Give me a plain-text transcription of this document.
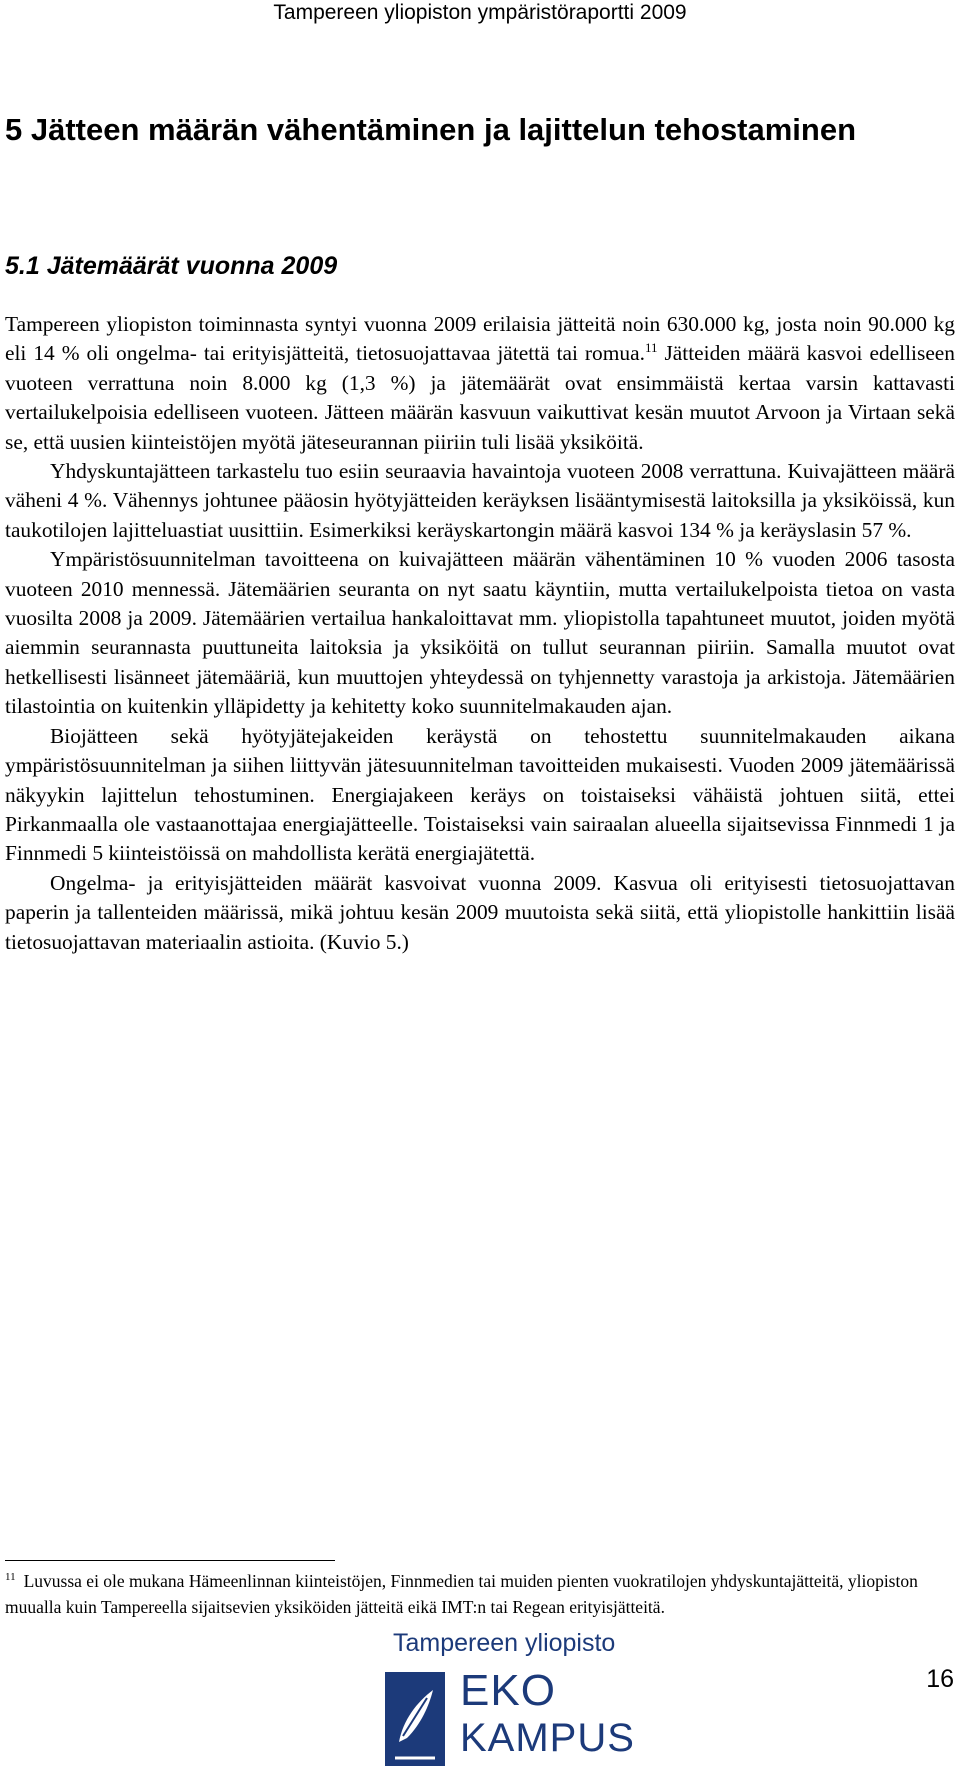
Tampereen yliopiston ympäristöraportti 2009
5 Jätteen määrän vähentäminen ja lajittelun tehostaminen
5.1 Jätemäärät vuonna 2009

Tampereen yliopiston toiminnasta syntyi vuonna 2009 erilaisia jätteitä noin 630.000 kg, josta noin 90.000 kg eli 14 % oli ongelma- tai erityisjätteitä, tietosuojattavaa jätettä tai romua.$^{11}$ Jätteiden määrä kasvoi edelliseen vuoteen verrattuna noin 8.000 kg (1,3 %) ja jätemäärät ovat ensimmäistä kertaa varsin kattavasti vertailukelpoisia edelliseen vuoteen. Jätteen määrän kasvuun vaikuttivat kesän muutot Arvoon ja Virtaan sekä se, että uusien kiinteistöjen myötä jäteseurannan piiriin tuli lisää yksiköitä.

Yhdyskuntajätteen tarkastelu tuo esiin seuraavia havaintoja vuoteen 2008 verrattuna. Kuivajätteen määrä väheni 4 %. Vähennys johtunee pääosin hyötyjätteiden keräyksen lisääntymisestä laitoksilla ja yksiköissä, kun taukotilojen lajitteluastiat uusittiin. Esimerkiksi keräyskartongin määrä kasvoi 134 % ja keräyslasin 57 %.

Ympäristösuunnitelman tavoitteena on kuivajätteen määrän vähentäminen 10 % vuoden 2006 tasosta vuoteen 2010 mennessä. Jätemäärien seuranta on nyt saatu käyntiin, mutta vertailukelpoista tietoa on vasta vuosilta 2008 ja 2009. Jätemäärien vertailua hankaloittavat mm. yliopistolla tapahtuneet muutot, joiden myötä aiemmin seurannasta puuttuneita laitoksia ja yksiköitä on tullut seurannan piiriin. Samalla muutot ovat hetkellisesti lisänneet jätemääriä, kun muuttojen yhteydessä on tyhjennetty varastoja ja arkistoja. Jätemäärien tilastointia on kuitenkin ylläpidetty ja kehitetty koko suunnitelmakauden ajan.

Biojätteen sekä hyötyjätejakeiden keräystä on tehostettu suunnitelmakauden aikana ympäristösuunnitelman ja siihen liittyvän jätesuunnitelman tavoitteiden mukaisesti. Vuoden 2009 jätemäärissä näkyykin lajittelun tehostuminen. Energiajakeen keräys on toistaiseksi vähäistä johtuen siitä, ettei Pirkanmaalla ole vastaanottajaa energiajätteelle. Toistaiseksi vain sairaalan alueella sijaitsevissa Finnmedi 1 ja Finnmedi 5 kiinteistöissä on mahdollista kerätä energiajätettä.

Ongelma- ja erityisjätteiden määrät kasvoivat vuonna 2009. Kasvua oli erityisesti tietosuojattavan paperin ja tallenteiden määrissä, mikä johtuu kesän 2009 muutoista sekä siitä, että yliopistolle hankittiin lisää tietosuojattavan materiaalin astioita. (Kuvio 5.)

$^{11}$ Luvussa ei ole mukana Hämeenlinnan kiinteistöjen, Finnmedien tai muiden pienten vuokratilojen yhdyskuntajätteitä, yliopiston muualla kuin Tampereella sijaitsevien yksiköiden jätteitä eikä IMT:n tai Regean erityisjätteitä.
Tampereen yliopisto
EKO
KAMPUS
16
